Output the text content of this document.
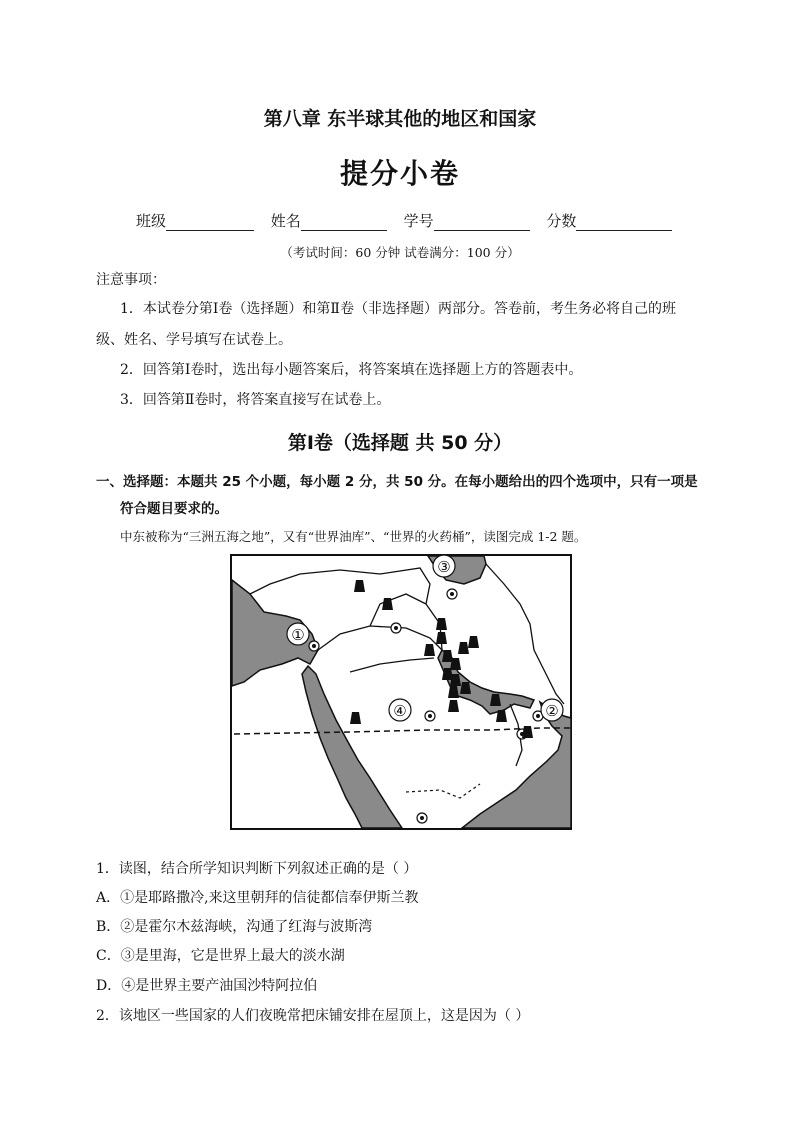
第八章 东半球其他的地区和国家
提分小卷
班级	姓名	学号	分数
（考试时间：60 分钟 试卷满分：100 分）
注意事项：
1．本试卷分第Ⅰ卷（选择题）和第Ⅱ卷（非选择题）两部分。答卷前，考生务必将自己的班
级、姓名、学号填写在试卷上。
2．回答第Ⅰ卷时，选出每小题答案后，将答案填在选择题上方的答题表中。
3．回答第Ⅱ卷时，将答案直接写在试卷上。
第Ⅰ卷（选择题 共 50 分）
一、选择题：本题共 25 个小题，每小题 2 分，共 50 分。在每小题给出的四个选项中，只有一项是
符合题目要求的。
中东被称为“三洲五海之地”，又有“世界油库”、“世界的火药桶”，读图完成 1-2 题。
①
②
③
④
1．读图，结合所学知识判断下列叙述正确的是（ ）
A．①是耶路撒冷,来这里朝拜的信徒都信奉伊斯兰教
B．②是霍尔木兹海峡，沟通了红海与波斯湾
C．③是里海，它是世界上最大的淡水湖
D．④是世界主要产油国沙特阿拉伯
2．该地区一些国家的人们夜晚常把床铺安排在屋顶上，这是因为（ ）
